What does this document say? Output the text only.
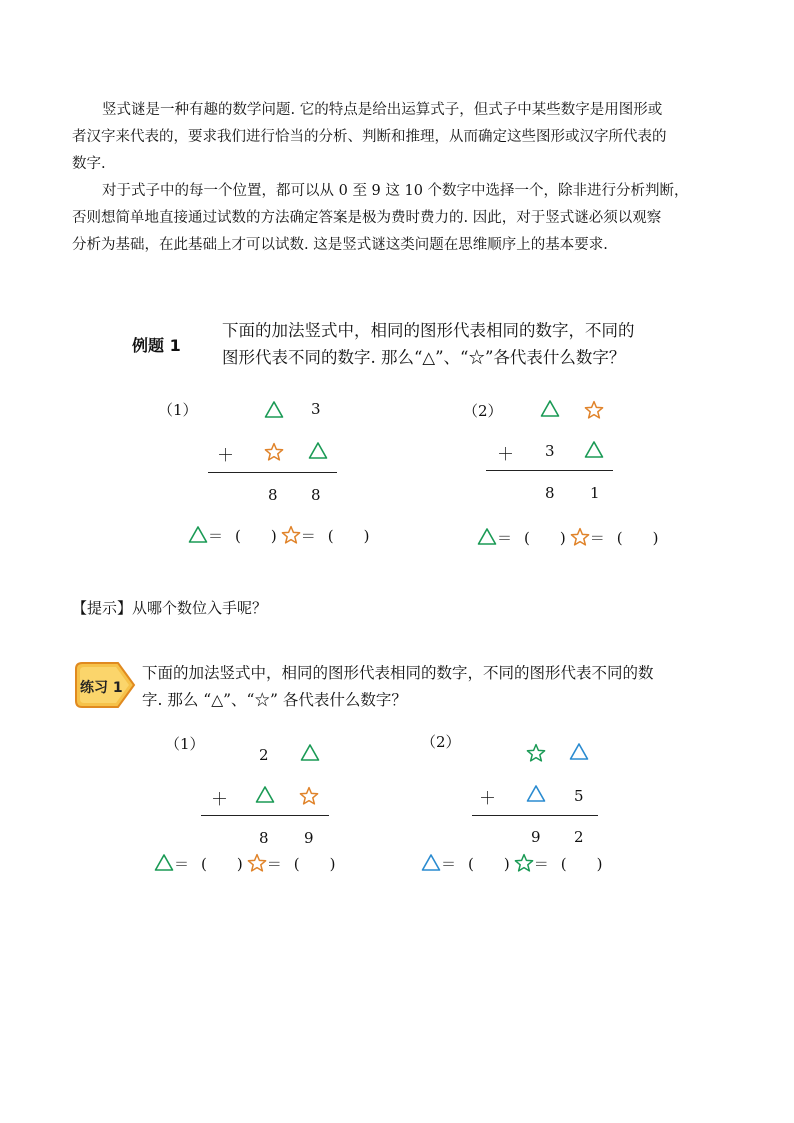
竖式谜是一种有趣的数学问题. 它的特点是给出运算式子，但式子中某些数字是用图形或

者汉字来代表的，要求我们进行恰当的分析、判断和推理，从而确定这些图形或汉字所代表的

数字.

对于式子中的每一个位置，都可以从 0 至 9 这 10 个数字中选择一个，除非进行分析判断，

否则想简单地直接通过试数的方法确定答案是极为费时费力的. 因此，对于竖式谜必须以观察

分析为基础，在此基础上才可以试数. 这是竖式谜这类问题在思维顺序上的基本要求.

例题 1
下面的加法竖式中，相同的图形代表相同的数字，不同的
图形代表不同的数字. 那么“△”、“☆”各代表什么数字？
（1）	3
＋
8 8
＝ ( ) ＝ ( )
（2）
＋ 3
8 1
＝ ( ) ＝ ( )
【提示】从哪个数位入手呢？
练习 1
下面的加法竖式中，相同的图形代表相同的数字，不同的图形代表不同的数
字. 那么 “△”、“☆” 各代表什么数字？
（1）
2
＋
8 9
＝ ( ) ＝ ( )
（2）
＋	5
9 2
＝ ( ) ＝ ( )
